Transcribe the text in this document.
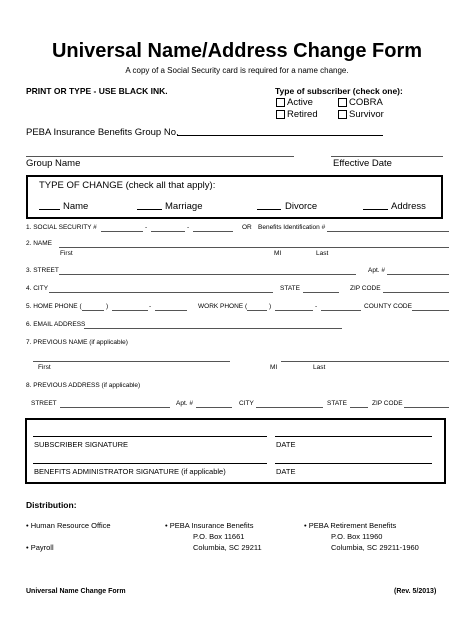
Universal Name/Address Change Form
A copy of a Social Security card is required for a name change.
PRINT OR TYPE - USE BLACK INK.	Type of subscriber (check one):
Active	COBRA
Retired	Survivor
PEBA Insurance Benefits Group No.
Group Name	Effective Date
TYPE OF CHANGE (check all that apply):
Name	Marriage	Divorce	Address
1. SOCIAL SECURITY #	-	-	OR Benefits Identification #
2. NAME
First	MI	Last
3. STREET	Apt. #
4. CITY	STATE	ZIP CODE
5. HOME PHONE (	)	-	WORK PHONE (	)	-	COUNTY CODE
6. EMAIL ADDRESS
7. PREVIOUS NAME (if applicable)
First	MI	Last
8. PREVIOUS ADDRESS (if applicable)
STREET	Apt. #	CITY	STATE	ZIP CODE
SUBSCRIBER SIGNATURE	DATE
BENEFITS ADMINISTRATOR SIGNATURE (if applicable)	DATE
Distribution:
• Human Resource Office
• Payroll
• PEBA Insurance Benefits
P.O. Box 11661
Columbia, SC 29211
• PEBA Retirement Benefits
P.O. Box 11960
Columbia, SC 29211-1960
Universal Name Change Form	(Rev. 5/2013)
